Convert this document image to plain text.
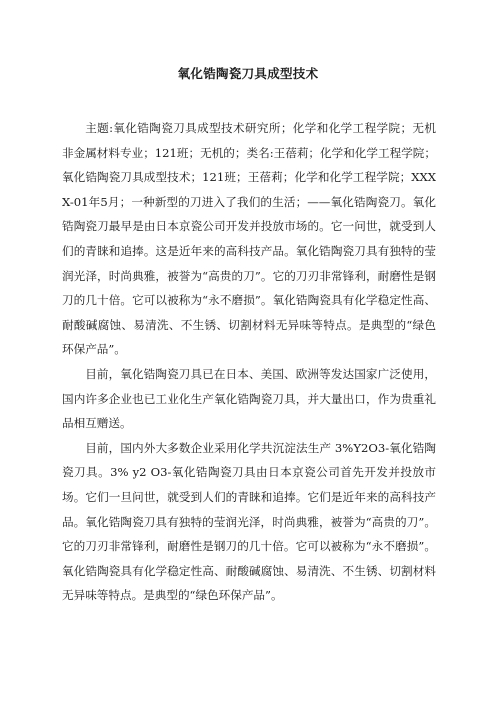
氧化锆陶瓷刀具成型技术

主题:氧化锆陶瓷刀具成型技术研究所；化学和化学工程学院；无机非金属材料专业；121班；无机的；类名:王蓓莉；化学和化学工程学院；氧化锆陶瓷刀具成型技术；121班；王蓓莉；化学和化学工程学院；XXXX-01年5月；一种新型的刀进入了我们的生活；——氧化锆陶瓷刀。氧化锆陶瓷刀最早是由日本京瓷公司开发并投放市场的。它一问世，就受到人们的青睐和追捧。这是近年来的高科技产品。氧化锆陶瓷刀具有独特的莹润光泽，时尚典雅，被誉为“高贵的刀”。它的刀刃非常锋利，耐磨性是钢刀的几十倍。它可以被称为“永不磨损”。氧化锆陶瓷具有化学稳定性高、耐酸碱腐蚀、易清洗、不生锈、切割材料无异味等特点。是典型的“绿色环保产品”。

目前，氧化锆陶瓷刀具已在日本、美国、欧洲等发达国家广泛使用，国内许多企业也已工业化生产氧化锆陶瓷刀具，并大量出口，作为贵重礼品相互赠送。

目前，国内外大多数企业采用化学共沉淀法生产 3%Y2O3-氧化锆陶瓷刀具。3% y2 O3-氧化锆陶瓷刀具由日本京瓷公司首先开发并投放市场。它们一旦问世，就受到人们的青睐和追捧。它们是近年来的高科技产品。氧化锆陶瓷刀具有独特的莹润光泽，时尚典雅，被誉为“高贵的刀”。它的刀刃非常锋利，耐磨性是钢刀的几十倍。它可以被称为“永不磨损”。氧化锆陶瓷具有化学稳定性高、耐酸碱腐蚀、易清洗、不生锈、切割材料无异味等特点。是典型的“绿色环保产品”。
